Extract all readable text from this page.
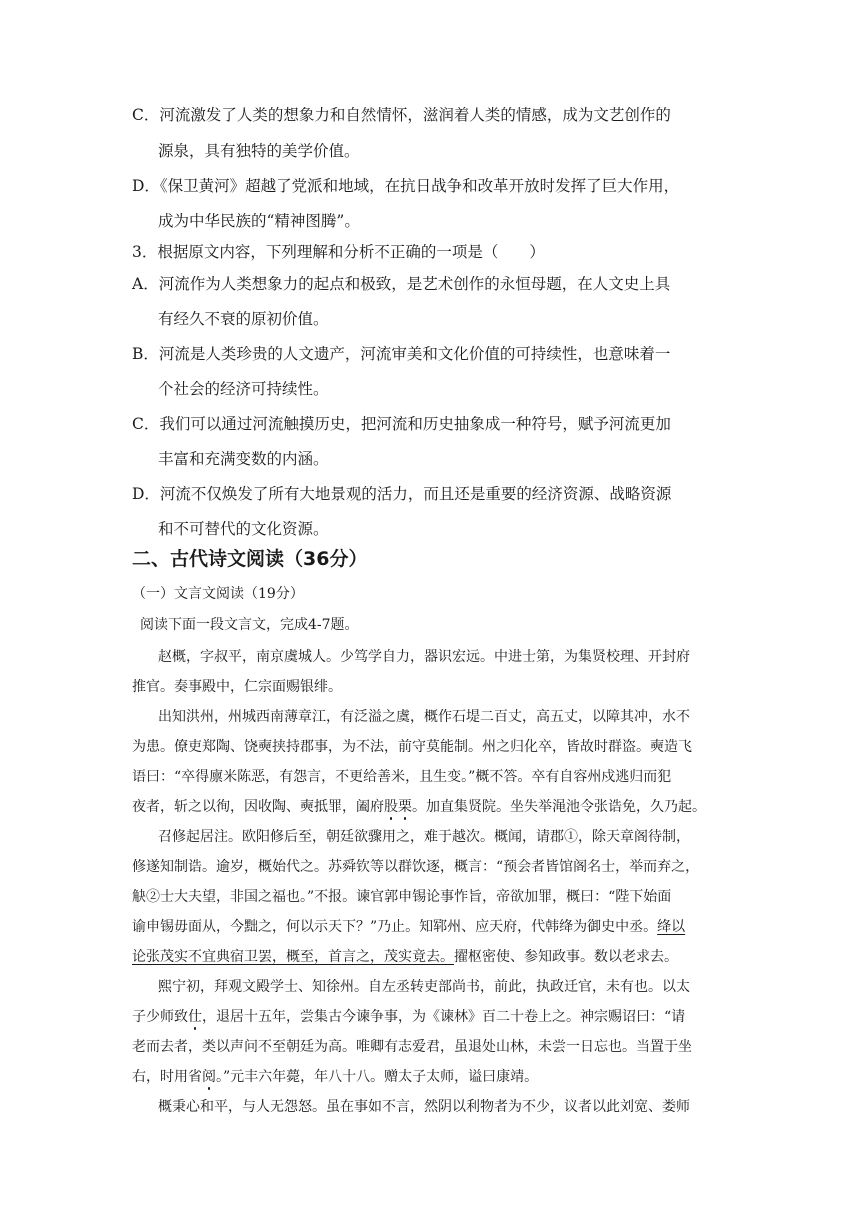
C．河流激发了人类的想象力和自然情怀，滋润着人类的情感，成为文艺创作的
源泉，具有独特的美学价值。
D．《保卫黄河》超越了党派和地域，在抗日战争和改革开放时发挥了巨大作用，
成为中华民族的“精神图腾”。
3．根据原文内容，下列理解和分析不正确的一项是（　　）
A．河流作为人类想象力的起点和极致，是艺术创作的永恒母题，在人文史上具
有经久不衰的原初价值。
B．河流是人类珍贵的人文遗产，河流审美和文化价值的可持续性，也意味着一
个社会的经济可持续性。
C．我们可以通过河流触摸历史，把河流和历史抽象成一种符号，赋予河流更加
丰富和充满变数的内涵。
D．河流不仅焕发了所有大地景观的活力，而且还是重要的经济资源、战略资源
和不可替代的文化资源。
二、古代诗文阅读（36分）
（一）文言文阅读（19分）
阅读下面一段文言文，完成4-7题。
赵概，字叔平，南京虞城人。少笃学自力，器识宏远。中进士第，为集贤校理、开封府
推官。奏事殿中，仁宗面赐银绯。
出知洪州，州城西南薄章江，有泛溢之虞，概作石堤二百丈，高五丈，以障其冲，水不
为患。僚吏郑陶、饶奭挟持郡事，为不法，前守莫能制。州之归化卒，皆故时群盗。奭造飞
语曰：“卒得廪米陈恶，有怨言，不更给善米，且生变。”概不答。卒有自容州戍逃归而犯
夜者，斩之以徇，因收陶、奭抵罪，阖府股栗。加直集贤院。坐失举渑池令张诰免，久乃起。
召修起居注。欧阳修后至，朝廷欲骤用之，难于越次。概闻，请郡①，除天章阁待制，
修遂知制诰。逾岁，概始代之。苏舜钦等以群饮逐，概言：“预会者皆馆阁名士，举而弃之，
觖②士大夫望，非国之福也。”不报。谏官郭申锡论事怍旨，帝欲加罪，概曰：“陛下始面
谕申锡毋面从，今黜之，何以示天下？”乃止。知郓州、应天府，代韩绛为御史中丞。绛以
论张茂实不宜典宿卫罢，概至，首言之，茂实竟去。擢枢密使、参知政事。数以老求去。
熙宁初，拜观文殿学士、知徐州。自左丞转吏部尚书，前此，执政迁官，未有也。以太
子少师致仕，退居十五年，尝集古今谏争事，为《谏林》百二十卷上之。神宗赐诏曰：“请
老而去者，类以声问不至朝廷为高。唯卿有志爱君，虽退处山林，未尝一日忘也。当置于坐
右，时用省阅。”元丰六年薨，年八十八。赠太子太师，谥曰康靖。
概秉心和平，与人无怨怒。虽在事如不言，然阴以利物者为不少，议者以此刘宽、娄师
